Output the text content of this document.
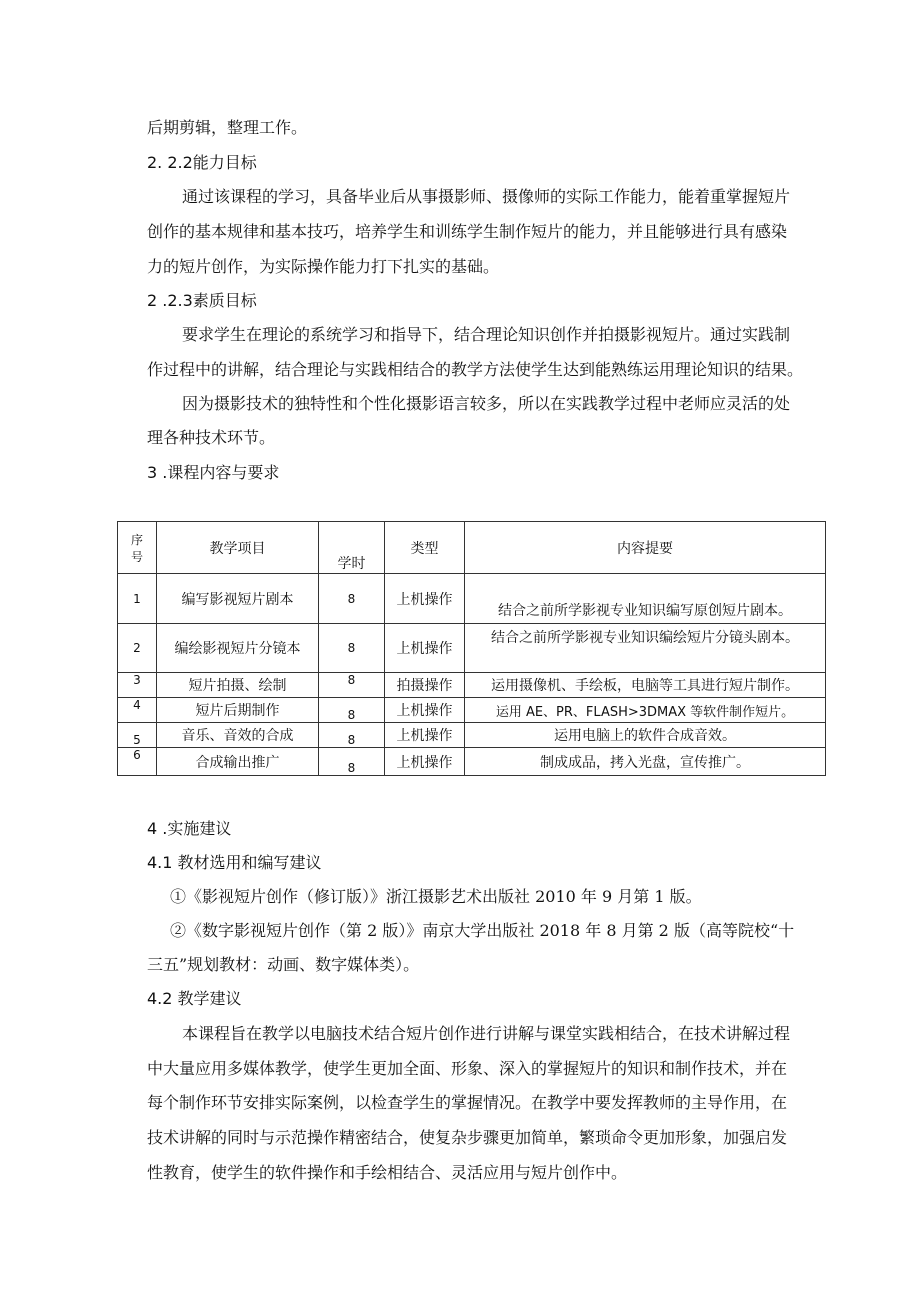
后期剪辑，整理工作。
2. 2.2能力目标
通过该课程的学习，具备毕业后从事摄影师、摄像师的实际工作能力，能着重掌握短片
创作的基本规律和基本技巧，培养学生和训练学生制作短片的能力，并且能够进行具有感染
力的短片创作，为实际操作能力打下扎实的基础。
2 .2.3素质目标
要求学生在理论的系统学习和指导下，结合理论知识创作并拍摄影视短片。通过实践制
作过程中的讲解，结合理论与实践相结合的教学方法使学生达到能熟练运用理论知识的结果。
因为摄影技术的独特性和个性化摄影语言较多，所以在实践教学过程中老师应灵活的处
理各种技术环节。
3 .课程内容与要求
序
号	教学项目	学时	类型	内容提要
1	编写影视短片剧本	8	上机操作	结合之前所学影视专业知识编写原创短片剧本。
2	编绘影视短片分镜本	8	上机操作	结合之前所学影视专业知识编绘短片分镜头剧本。
3	短片拍摄、绘制	8	拍摄操作	运用摄像机、手绘板，电脑等工具进行短片制作。
4	短片后期制作	8	上机操作	运用 AE、PR、FLASH>3DMAX 等软件制作短片。
5	音乐、音效的合成	8	上机操作	运用电脑上的软件合成音效。
6	合成输出推广	8	上机操作	制成成品，拷入光盘，宣传推广。
4 .实施建议
4.1 教材选用和编写建议
①《影视短片创作（修订版）》浙江摄影艺术出版社 2010 年 9 月第 1 版。
②《数字影视短片创作（第 2 版）》南京大学出版社 2018 年 8 月第 2 版（高等院校“十
三五”规划教材：动画、数字媒体类）。
4.2 教学建议
本课程旨在教学以电脑技术结合短片创作进行讲解与课堂实践相结合，在技术讲解过程
中大量应用多媒体教学，使学生更加全面、形象、深入的掌握短片的知识和制作技术，并在
每个制作环节安排实际案例，以检查学生的掌握情况。在教学中要发挥教师的主导作用，在
技术讲解的同时与示范操作精密结合，使复杂步骤更加简单，繁琐命令更加形象，加强启发
性教育，使学生的软件操作和手绘相结合、灵活应用与短片创作中。
